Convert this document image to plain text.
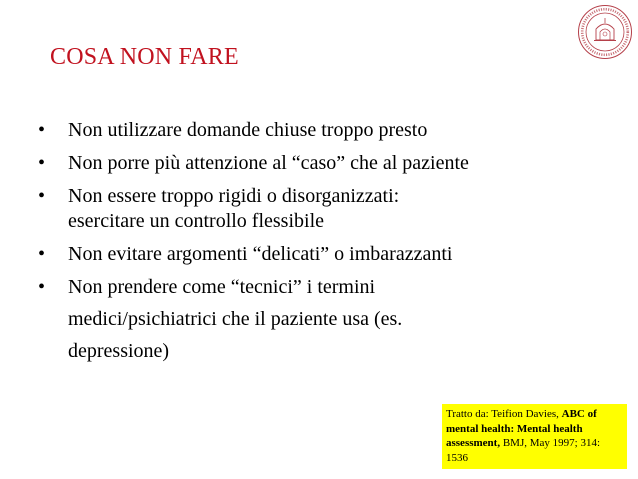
COSA NON FARE
• Non utilizzare domande chiuse troppo presto
• Non porre più attenzione al “caso” che al paziente
• Non essere troppo rigidi o disorganizzati:
esercitare un controllo flessibile
• Non evitare argomenti “delicati” o imbarazzanti
• Non prendere come “tecnici” i termini
medici/psichiatrici che il paziente usa (es.
depressione)
Tratto da: Teifion Davies, ABC of mental health: Mental health assessment, BMJ, May 1997; 314: 1536
